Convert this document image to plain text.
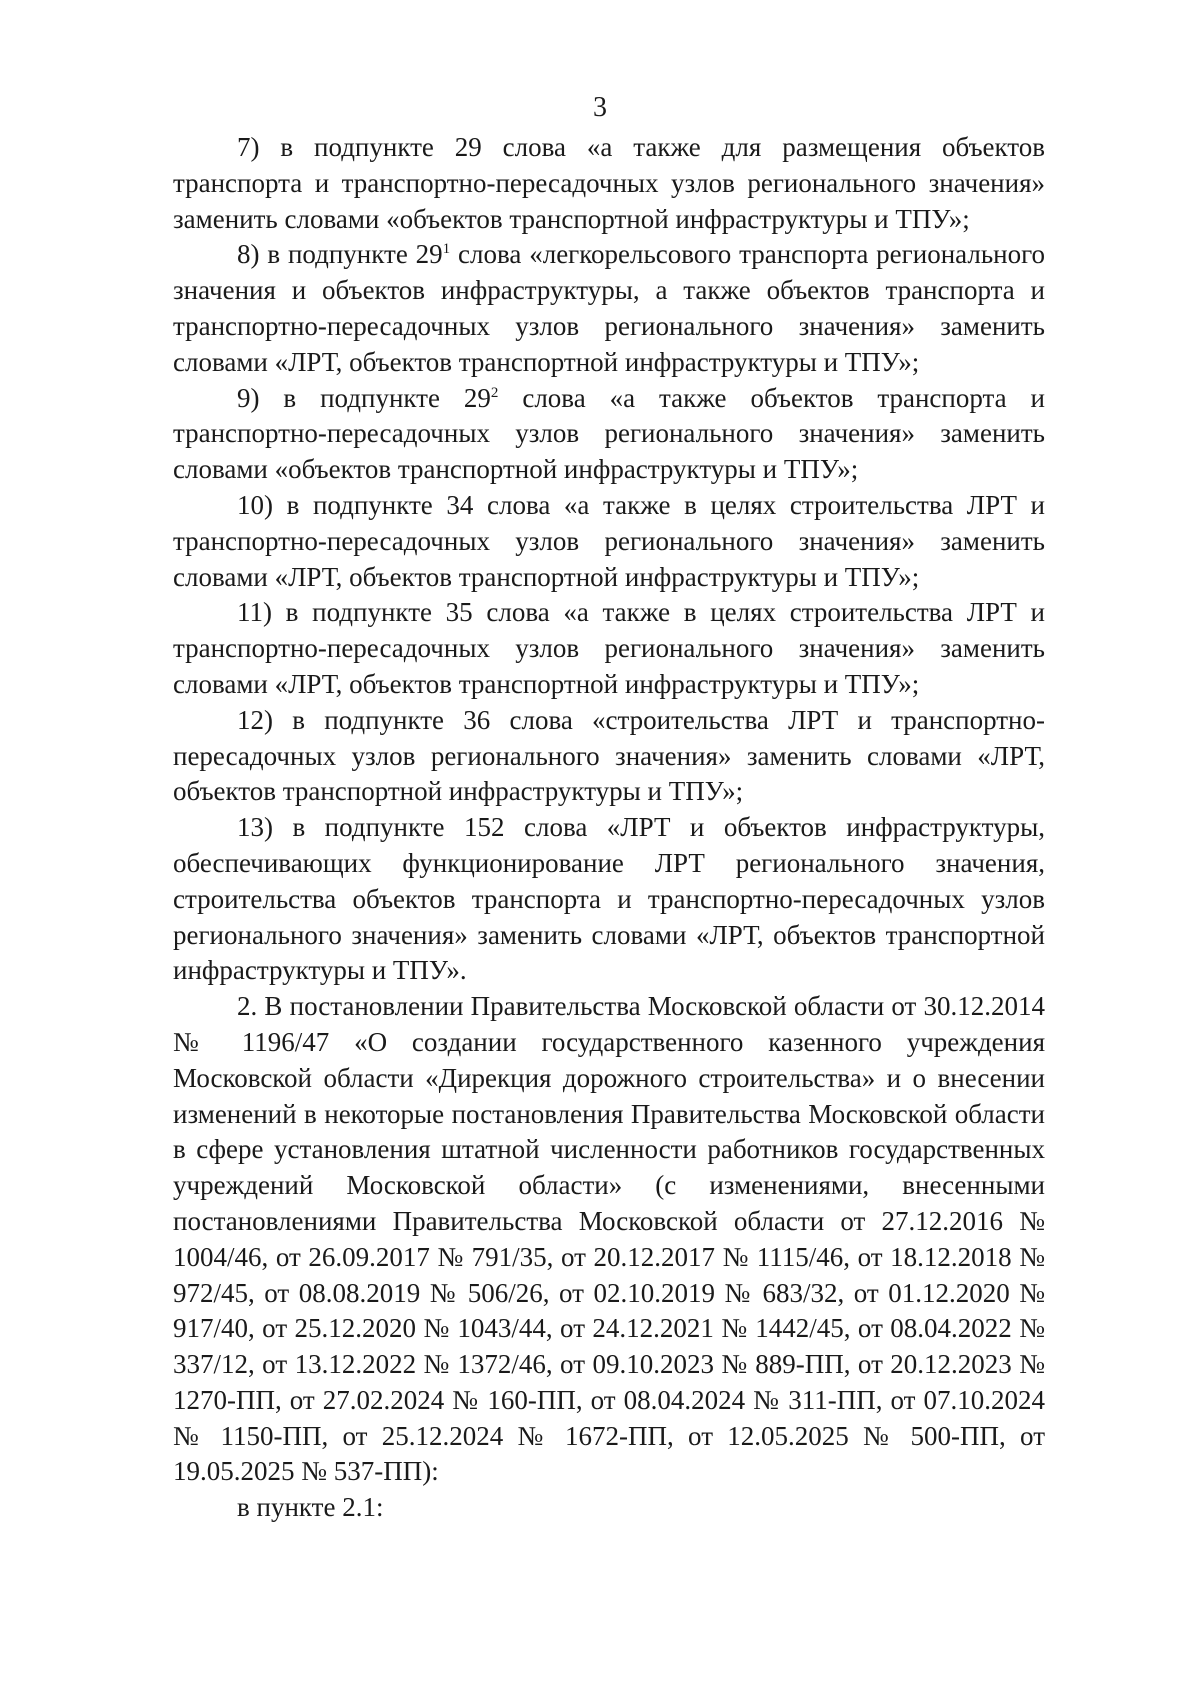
3

7) в подпункте 29 слова «а также для размещения объектов транспорта и транспортно-пересадочных узлов регионального значения» заменить словами «объектов транспортной инфраструктуры и ТПУ»;

8) в подпункте $29^1$ слова «легкорельсового транспорта регионального значения и объектов инфраструктуры, а также объектов транспорта и транспортно-пересадочных узлов регионального значения» заменить словами «ЛРТ, объектов транспортной инфраструктуры и ТПУ»;

9) в подпункте $29^2$ слова «а также объектов транспорта и транспортно-пересадочных узлов регионального значения» заменить словами «объектов транспортной инфраструктуры и ТПУ»;

10) в подпункте 34 слова «а также в целях строительства ЛРТ и транспортно-пересадочных узлов регионального значения» заменить словами «ЛРТ, объектов транспортной инфраструктуры и ТПУ»;

11) в подпункте 35 слова «а также в целях строительства ЛРТ и транспортно-пересадочных узлов регионального значения» заменить словами «ЛРТ, объектов транспортной инфраструктуры и ТПУ»;

12) в подпункте 36 слова «строительства ЛРТ и транспортно-пересадочных узлов регионального значения» заменить словами «ЛРТ, объектов транспортной инфраструктуры и ТПУ»;

13) в подпункте 152 слова «ЛРТ и объектов инфраструктуры, обеспечивающих функционирование ЛРТ регионального значения, строительства объектов транспорта и транспортно-пересадочных узлов регионального значения» заменить словами «ЛРТ, объектов транспортной инфраструктуры и ТПУ».

2. В постановлении Правительства Московской области от 30.12.2014 № 1196/47 «О создании государственного казенного учреждения Московской области «Дирекция дорожного строительства» и о внесении изменений в некоторые постановления Правительства Московской области в сфере установления штатной численности работников государственных учреждений Московской области» (с изменениями, внесенными постановлениями Правительства Московской области от 27.12.2016 № 1004/46, от 26.09.2017 № 791/35, от 20.12.2017 № 1115/46, от 18.12.2018 № 972/45, от 08.08.2019 № 506/26, от 02.10.2019 № 683/32, от 01.12.2020 № 917/40, от 25.12.2020 № 1043/44, от 24.12.2021 № 1442/45, от 08.04.2022 № 337/12, от 13.12.2022 № 1372/46, от 09.10.2023 № 889-ПП, от 20.12.2023 № 1270-ПП, от 27.02.2024 № 160-ПП, от 08.04.2024 № 311-ПП, от 07.10.2024 № 1150-ПП, от 25.12.2024 № 1672-ПП, от 12.05.2025 № 500-ПП, от 19.05.2025 № 537-ПП):

в пункте 2.1:
